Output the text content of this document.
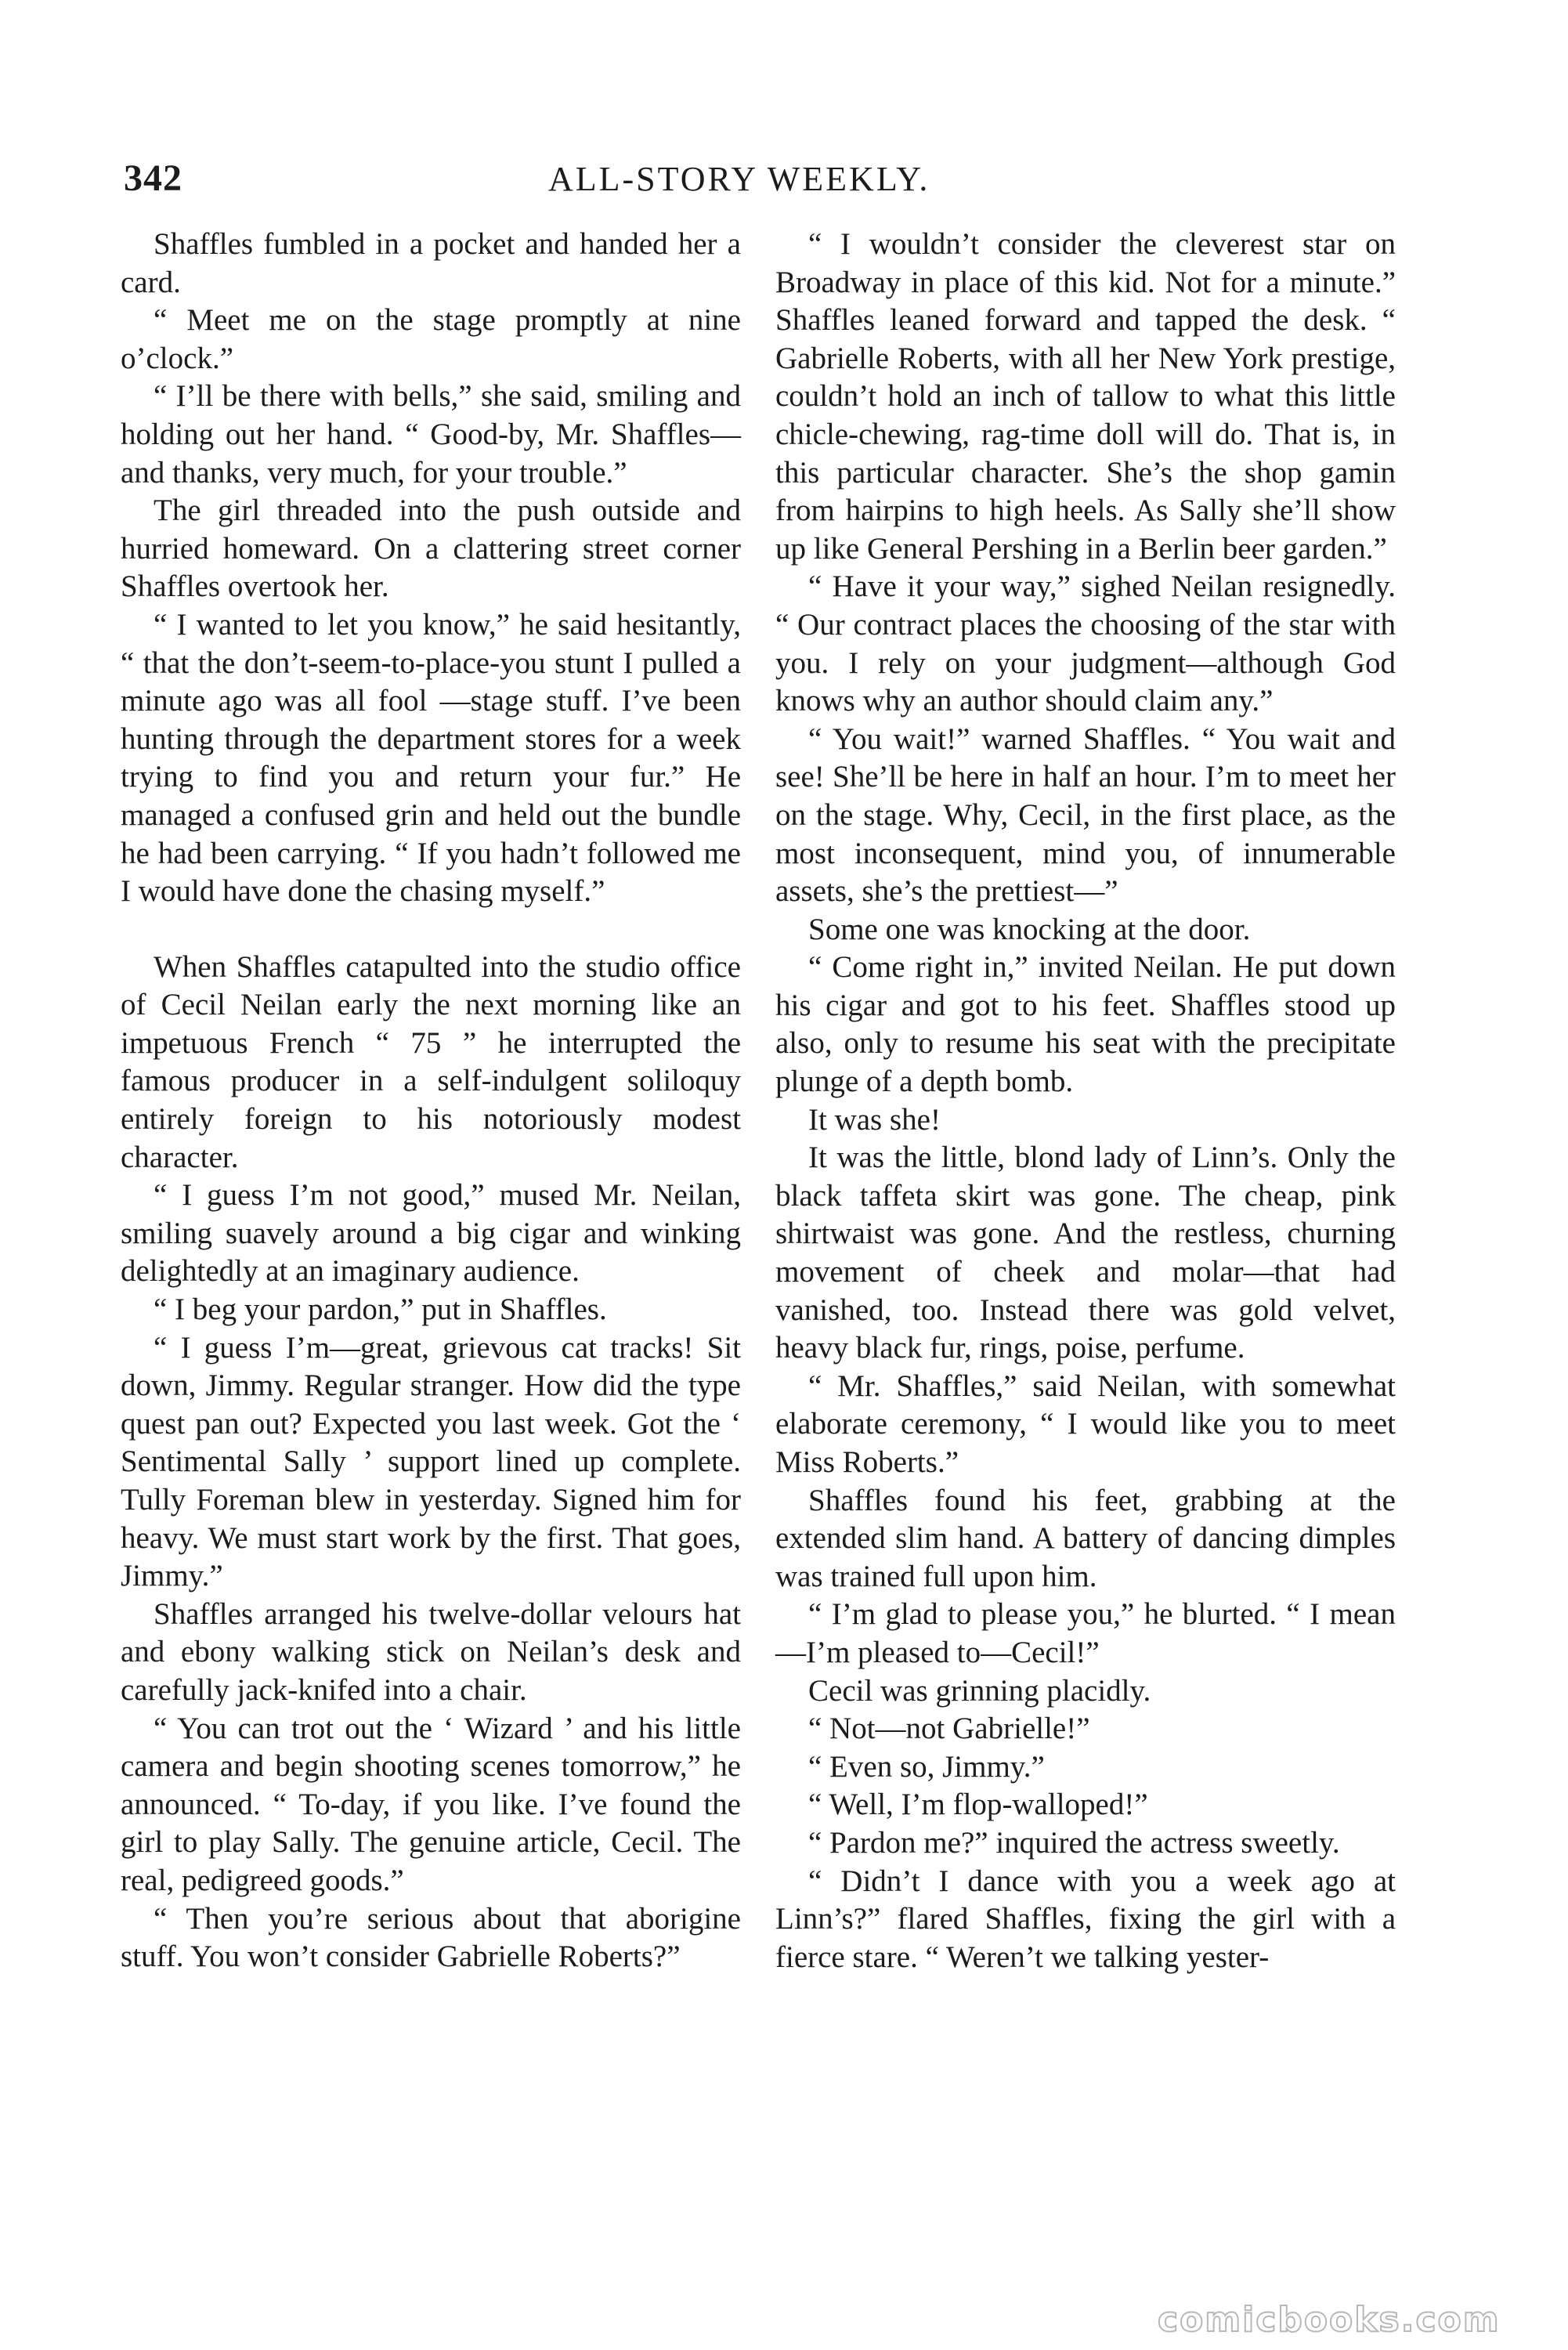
342	ALL-STORY WEEKLY.

Shaffles fumbled in a pocket and handed her a card.

“ Meet me on the stage promptly at nine o’clock.”

“ I’ll be there with bells,” she said, smiling and holding out her hand. “ Good-by, Mr. Shaffles—and thanks, very much, for your trouble.”

The girl threaded into the push outside and hurried homeward. On a clattering street corner Shaffles overtook her.

“ I wanted to let you know,” he said hesitantly, “ that the don’t-seem-to-place-you stunt I pulled a minute ago was all fool —stage stuff. I’ve been hunting through the department stores for a week trying to find you and return your fur.” He managed a confused grin and held out the bundle he had been carrying. “ If you hadn’t followed me I would have done the chasing myself.”

When Shaffles catapulted into the studio office of Cecil Neilan early the next morning like an impetuous French “ 75 ” he interrupted the famous producer in a self-indulgent soliloquy entirely foreign to his notoriously modest character.

“ I guess I’m not good,” mused Mr. Neilan, smiling suavely around a big cigar and winking delightedly at an imaginary audience.

“ I beg your pardon,” put in Shaffles.

“ I guess I’m—great, grievous cat tracks! Sit down, Jimmy. Regular stranger. How did the type quest pan out? Expected you last week. Got the ‘ Sentimental Sally ’ support lined up complete. Tully Foreman blew in yesterday. Signed him for heavy. We must start work by the first. That goes, Jimmy.”

Shaffles arranged his twelve-dollar velours hat and ebony walking stick on Neilan’s desk and carefully jack-knifed into a chair.

“ You can trot out the ‘ Wizard ’ and his little camera and begin shooting scenes tomorrow,” he announced. “ To-day, if you like. I’ve found the girl to play Sally. The genuine article, Cecil. The real, pedigreed goods.”

“ Then you’re serious about that aborigine stuff. You won’t consider Gabrielle Roberts?”

“ I wouldn’t consider the cleverest star on Broadway in place of this kid. Not for a minute.” Shaffles leaned forward and tapped the desk. “ Gabrielle Roberts, with all her New York prestige, couldn’t hold an inch of tallow to what this little chicle-chewing, rag-time doll will do. That is, in this particular character. She’s the shop gamin from hairpins to high heels. As Sally she’ll show up like General Pershing in a Berlin beer garden.”

“ Have it your way,” sighed Neilan resignedly. “ Our contract places the choosing of the star with you. I rely on your judgment—although God knows why an author should claim any.”

“ You wait!” warned Shaffles. “ You wait and see! She’ll be here in half an hour. I’m to meet her on the stage. Why, Cecil, in the first place, as the most inconsequent, mind you, of innumerable assets, she’s the prettiest—”

Some one was knocking at the door.

“ Come right in,” invited Neilan. He put down his cigar and got to his feet. Shaffles stood up also, only to resume his seat with the precipitate plunge of a depth bomb.

It was she!

It was the little, blond lady of Linn’s. Only the black taffeta skirt was gone. The cheap, pink shirtwaist was gone. And the restless, churning movement of cheek and molar—that had vanished, too. Instead there was gold velvet, heavy black fur, rings, poise, perfume.

“ Mr. Shaffles,” said Neilan, with somewhat elaborate ceremony, “ I would like you to meet Miss Roberts.”

Shaffles found his feet, grabbing at the extended slim hand. A battery of dancing dimples was trained full upon him.

“ I’m glad to please you,” he blurted. “ I mean—I’m pleased to—Cecil!”

Cecil was grinning placidly.

“ Not—not Gabrielle!”

“ Even so, Jimmy.”

“ Well, I’m flop-walloped!”

“ Pardon me?” inquired the actress sweetly.

“ Didn’t I dance with you a week ago at Linn’s?” flared Shaffles, fixing the girl with a fierce stare. “ Weren’t we talking yester-

comicbooks.com
